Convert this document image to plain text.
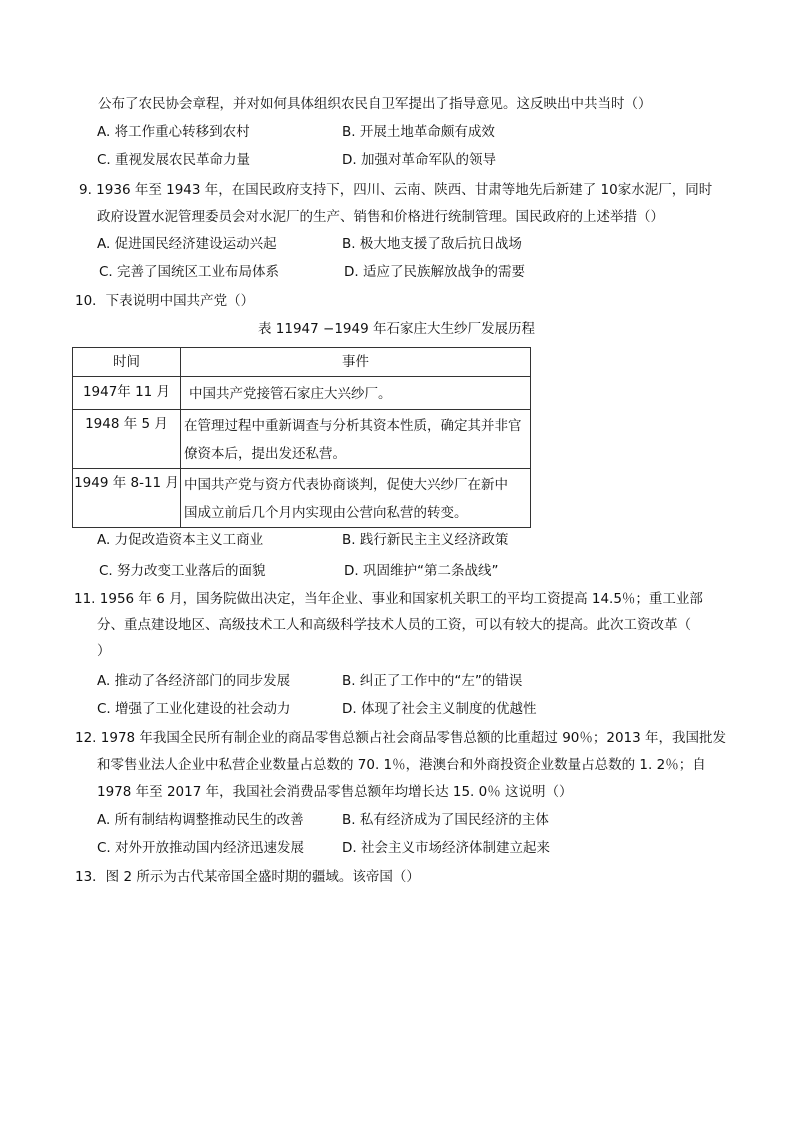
公布了农民协会章程，并对如何具体组织农民自卫军提出了指导意见。这反映出中共当时（）
A. 将工作重心转移到农村	B. 开展土地革命颇有成效
C. 重视发展农民革命力量	D. 加强对革命军队的领导
9. 1936 年至 1943 年，在国民政府支持下，四川、云南、陕西、甘肃等地先后新建了 10家水泥厂，同时
政府设置水泥管理委员会对水泥厂的生产、销售和价格进行统制管理。国民政府的上述举措（）
A. 促进国民经济建设运动兴起	B. 极大地支援了敌后抗日战场
C. 完善了国统区工业布局体系	D. 适应了民族解放战争的需要
10．下表说明中国共产党（）
表 11947 −1949 年石家庄大生纱厂发展历程
时间	事件
1947年 11 月	中国共产党接管石家庄大兴纱厂。
1948 年 5 月	在管理过程中重新调查与分析其资本性质，确定其并非官
僚资本后，提出发还私营。

1949 年 8-11 月	中国共产党与资方代表协商谈判，促使大兴纱厂在新中
国成立前后几个月内实现由公营向私营的转变。
A. 力促改造资本主义工商业	B. 践行新民主主义经济政策
C. 努力改变工业落后的面貌	D. 巩固维护“第二条战线”
11. 1956 年 6 月，国务院做出决定，当年企业、事业和国家机关职工的平均工资提高 14.5％；重工业部
分、重点建设地区、高级技术工人和高级科学技术人员的工资，可以有较大的提高。此次工资改革（
）
A. 推动了各经济部门的同步发展	B. 纠正了工作中的“左”的错误
C. 增强了工业化建设的社会动力	D. 体现了社会主义制度的优越性
12. 1978 年我国全民所有制企业的商品零售总额占社会商品零售总额的比重超过 90％；2013 年，我国批发
和零售业法人企业中私营企业数量占总数的 70. 1％，港澳台和外商投资企业数量占总数的 1. 2％；自
1978 年至 2017 年，我国社会消费品零售总额年均增长达 15. 0％ 这说明（）
A. 所有制结构调整推动民生的改善	B. 私有经济成为了国民经济的主体
C. 对外开放推动国内经济迅速发展	D. 社会主义市场经济体制建立起来
13．图 2 所示为古代某帝国全盛时期的疆域。该帝国（）
